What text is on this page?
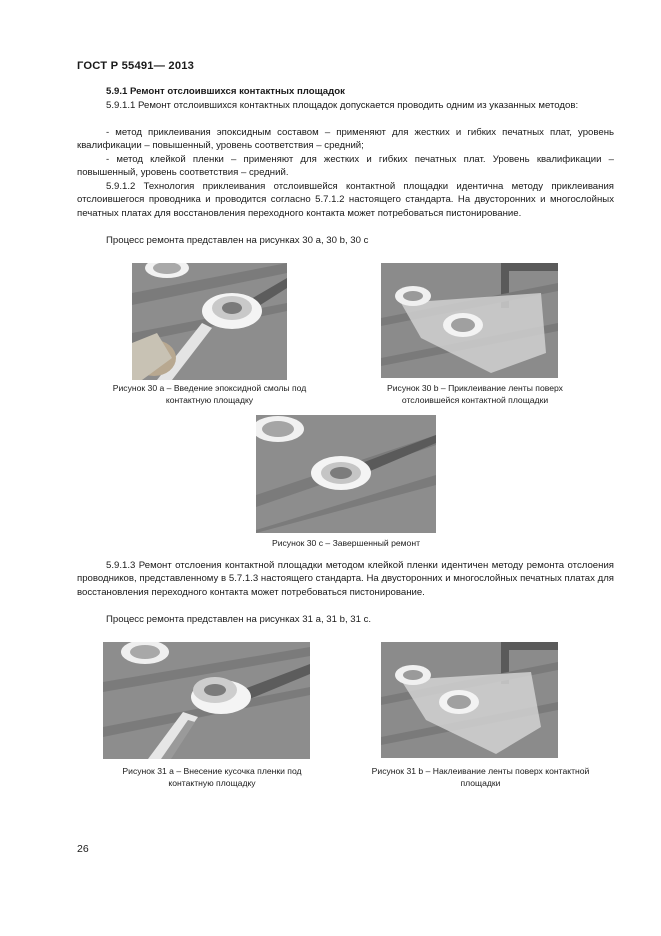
ГОСТ Р 55491— 2013
5.9.1 Ремонт отслоившихся контактных площадок

5.9.1.1 Ремонт отслоившихся контактных площадок допускается проводить одним из указанных методов:

- метод приклеивания эпоксидным составом – применяют для жестких и гибких печатных плат, уровень квалификации – повышенный, уровень соответствия – средний;

- метод клейкой пленки – применяют для жестких и гибких печатных плат. Уровень квалификации – повышенный, уровень соответствия – средний.

5.9.1.2 Технология приклеивания отслоившейся контактной площадки идентична методу приклеивания отслоившегося проводника и проводится согласно 5.7.1.2 настоящего стандарта. На двусторонних и многослойных печатных платах для восстановления переходного контакта может потребоваться пистонирование.

Процесс ремонта представлен на рисунках 30 a, 30 b, 30 с

Рисунок 30 a – Введение эпоксидной смолы под
контактную площадку
Рисунок 30 b – Приклеивание ленты поверх
отслоившейся контактной площадки
Рисунок 30 c – Завершенный ремонт

5.9.1.3 Ремонт отслоения контактной площадки методом клейкой пленки идентичен методу ремонта отслоения проводников, представленному в 5.7.1.3 настоящего стандарта. На двусторонних и многослойных печатных платах для восстановления переходного контакта может потребоваться пистонирование.

Процесс ремонта представлен на рисунках 31 a, 31 b, 31 c.

Рисунок 31 a – Внесение кусочка пленки под
контактную площадку
Рисунок 31 b – Наклеивание ленты поверх контактной
площадки
26
